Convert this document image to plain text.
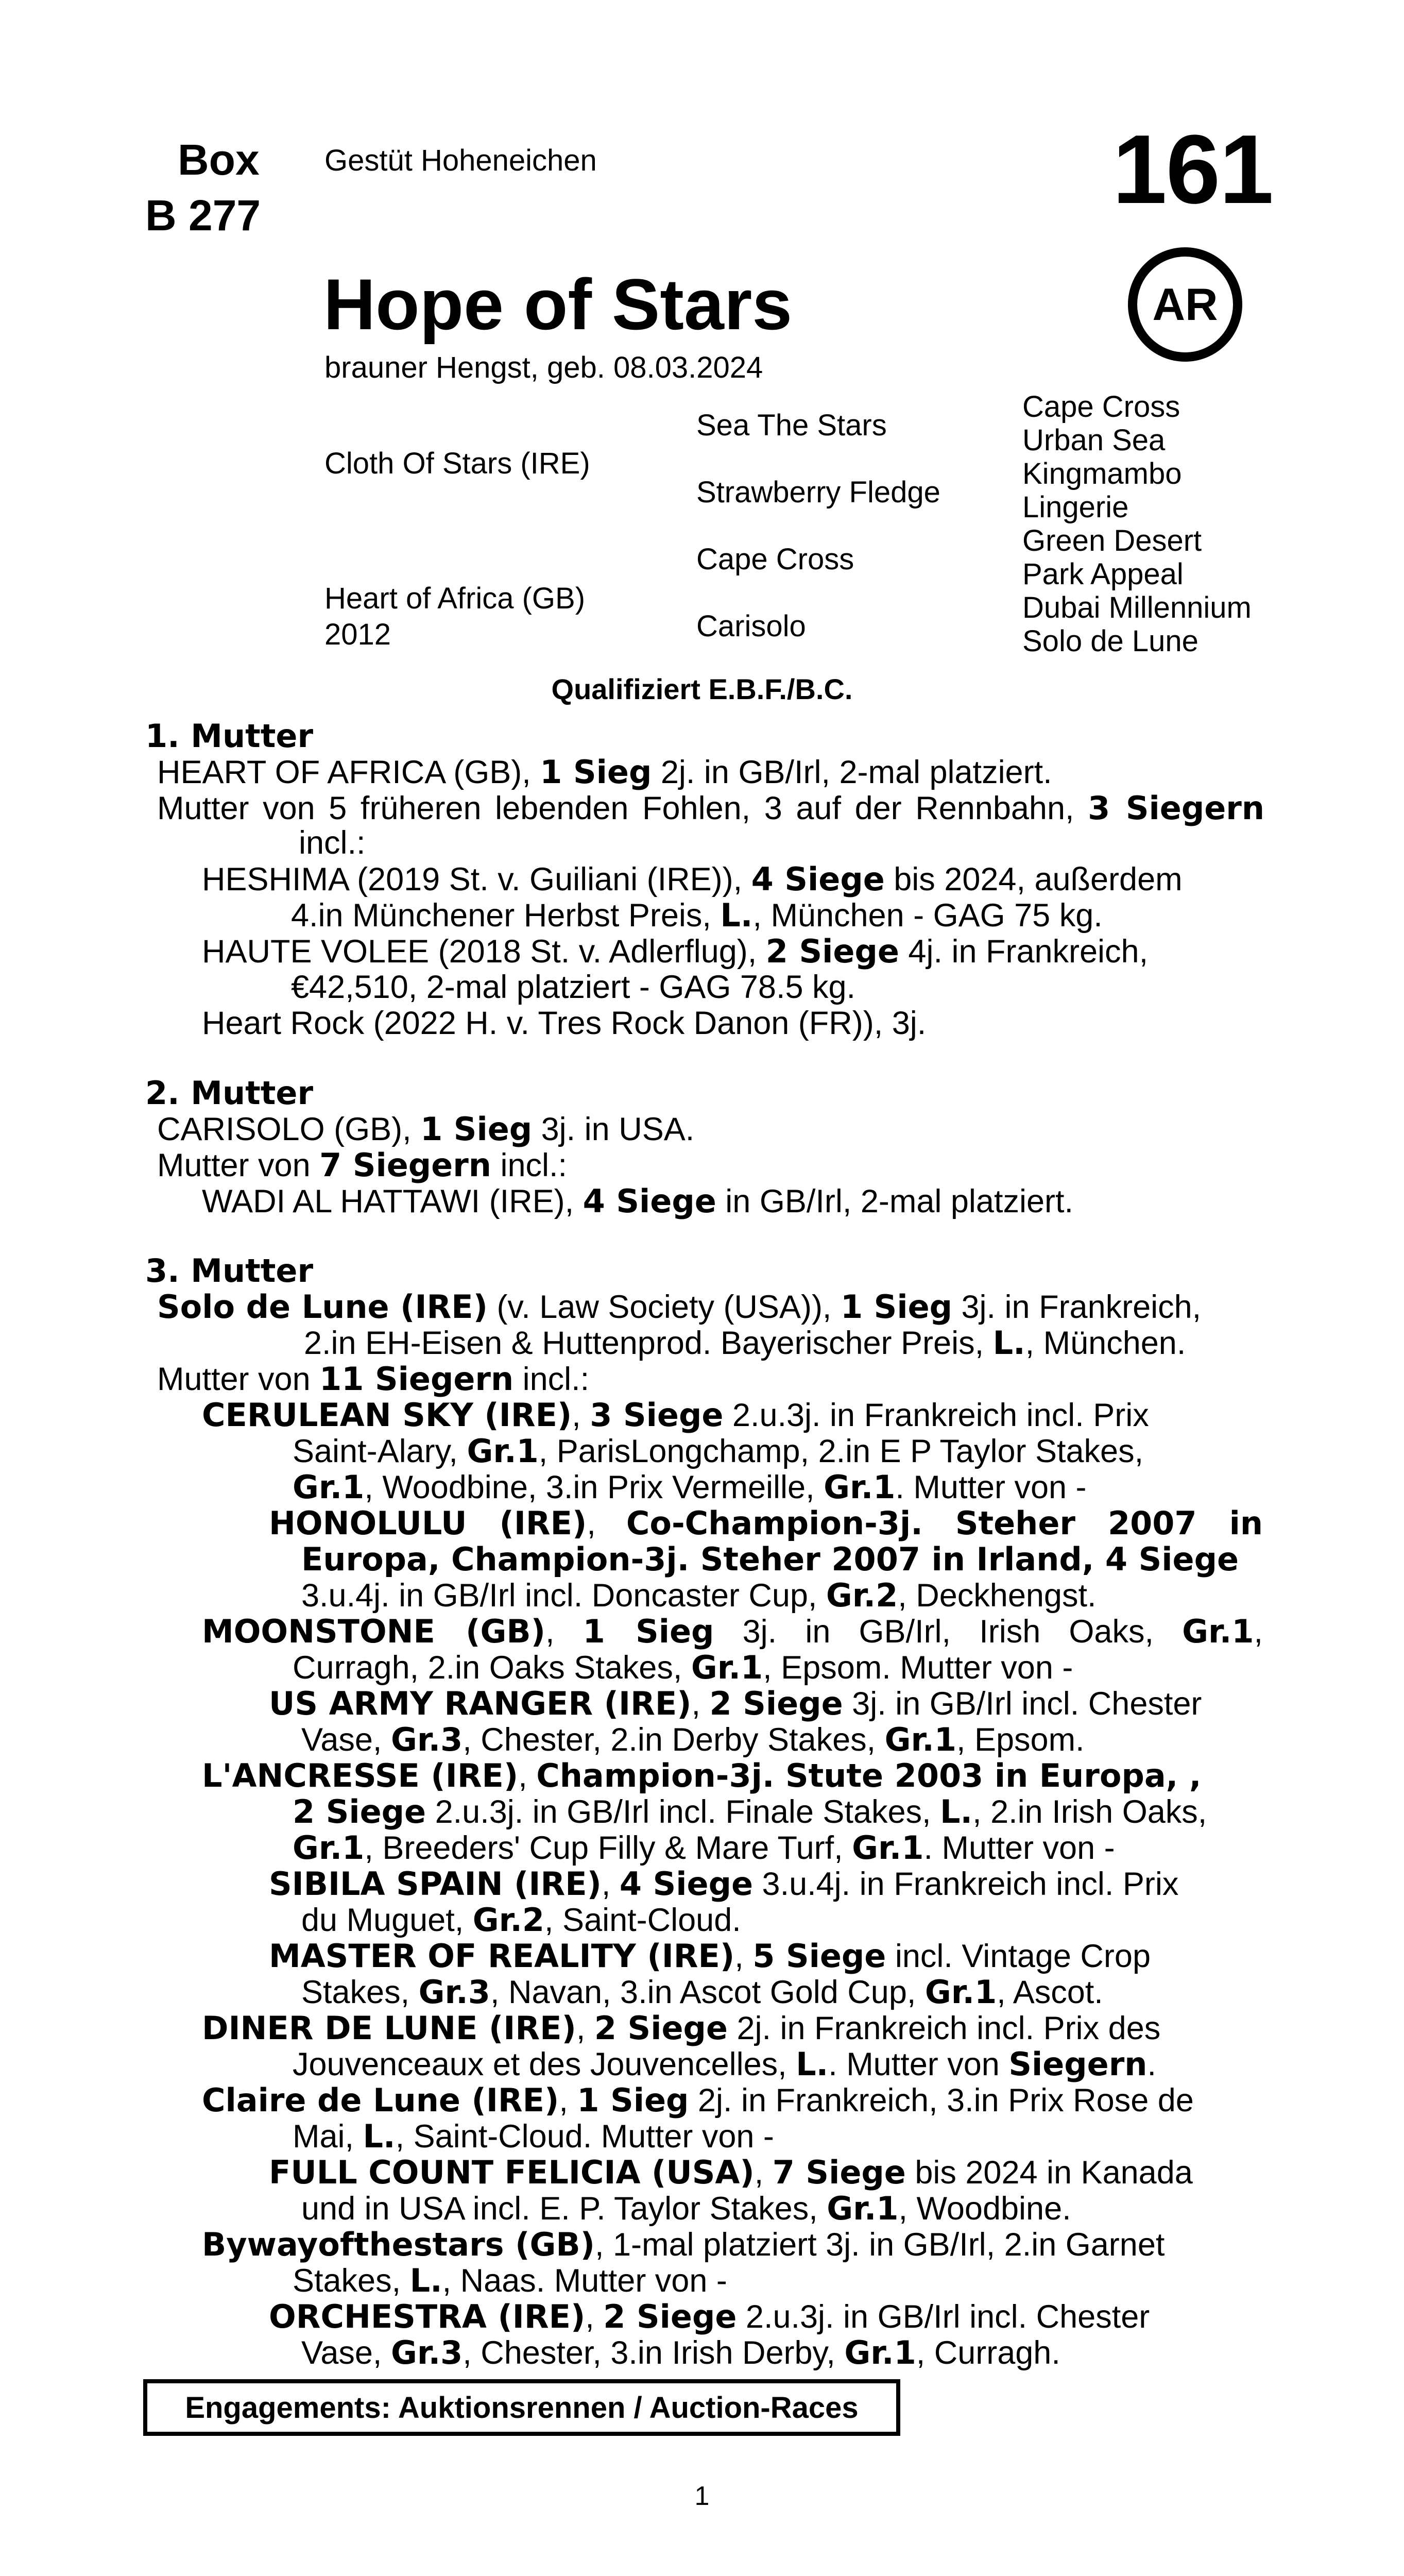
Box
B 277
Gestüt Hoheneichen	161
AR
Hope of Stars
brauner Hengst, geb. 08.03.2024
Cloth Of Stars (IRE)
Heart of Africa (GB)
2012
Sea The Stars
Strawberry Fledge
Cape Cross
Carisolo
Cape Cross
Urban Sea
Kingmambo
Lingerie
Green Desert
Park Appeal
Dubai Millennium
Solo de Lune
Qualifiziert E.B.F./B.C.
1. Mutter
HEART OF AFRICA (GB), 1 Sieg 2j. in GB/Irl, 2-mal platziert.
Mutter von 5 früheren lebenden Fohlen, 3 auf der Rennbahn, 3 Siegern
incl.:
HESHIMA (2019 St. v. Guiliani (IRE)), 4 Siege bis 2024, außerdem
4.in Münchener Herbst Preis, L., München - GAG 75 kg.
HAUTE VOLEE (2018 St. v. Adlerflug), 2 Siege 4j. in Frankreich,
€42,510, 2-mal platziert - GAG 78.5 kg.
Heart Rock (2022 H. v. Tres Rock Danon (FR)), 3j.
2. Mutter
CARISOLO (GB), 1 Sieg 3j. in USA.
Mutter von 7 Siegern incl.:
WADI AL HATTAWI (IRE), 4 Siege in GB/Irl, 2-mal platziert.
3. Mutter
Solo de Lune (IRE) (v. Law Society (USA)), 1 Sieg 3j. in Frankreich,
2.in EH-Eisen & Huttenprod. Bayerischer Preis, L., München.
Mutter von 11 Siegern incl.:
CERULEAN SKY (IRE), 3 Siege 2.u.3j. in Frankreich incl. Prix
Saint-Alary, Gr.1, ParisLongchamp, 2.in E P Taylor Stakes,
Gr.1, Woodbine, 3.in Prix Vermeille, Gr.1. Mutter von -
HONOLULU (IRE), Co-Champion-3j. Steher 2007 in
Europa, Champion-3j. Steher 2007 in Irland, 4 Siege
3.u.4j. in GB/Irl incl. Doncaster Cup, Gr.2, Deckhengst.
MOONSTONE (GB), 1 Sieg 3j. in GB/Irl, Irish Oaks, Gr.1,
Curragh, 2.in Oaks Stakes, Gr.1, Epsom. Mutter von -
US ARMY RANGER (IRE), 2 Siege 3j. in GB/Irl incl. Chester
Vase, Gr.3, Chester, 2.in Derby Stakes, Gr.1, Epsom.
L'ANCRESSE (IRE), Champion-3j. Stute 2003 in Europa, ,
2 Siege 2.u.3j. in GB/Irl incl. Finale Stakes, L., 2.in Irish Oaks,
Gr.1, Breeders' Cup Filly & Mare Turf, Gr.1. Mutter von -
SIBILA SPAIN (IRE), 4 Siege 3.u.4j. in Frankreich incl. Prix
du Muguet, Gr.2, Saint-Cloud.
MASTER OF REALITY (IRE), 5 Siege incl. Vintage Crop
Stakes, Gr.3, Navan, 3.in Ascot Gold Cup, Gr.1, Ascot.
DINER DE LUNE (IRE), 2 Siege 2j. in Frankreich incl. Prix des
Jouvenceaux et des Jouvencelles, L.. Mutter von Siegern.
Claire de Lune (IRE), 1 Sieg 2j. in Frankreich, 3.in Prix Rose de
Mai, L., Saint-Cloud. Mutter von -
FULL COUNT FELICIA (USA), 7 Siege bis 2024 in Kanada
und in USA incl. E. P. Taylor Stakes, Gr.1, Woodbine.
Bywayofthestars (GB), 1-mal platziert 3j. in GB/Irl, 2.in Garnet
Stakes, L., Naas. Mutter von -
ORCHESTRA (IRE), 2 Siege 2.u.3j. in GB/Irl incl. Chester
Vase, Gr.3, Chester, 3.in Irish Derby, Gr.1, Curragh.
Engagements: Auktionsrennen / Auction-Races
1
